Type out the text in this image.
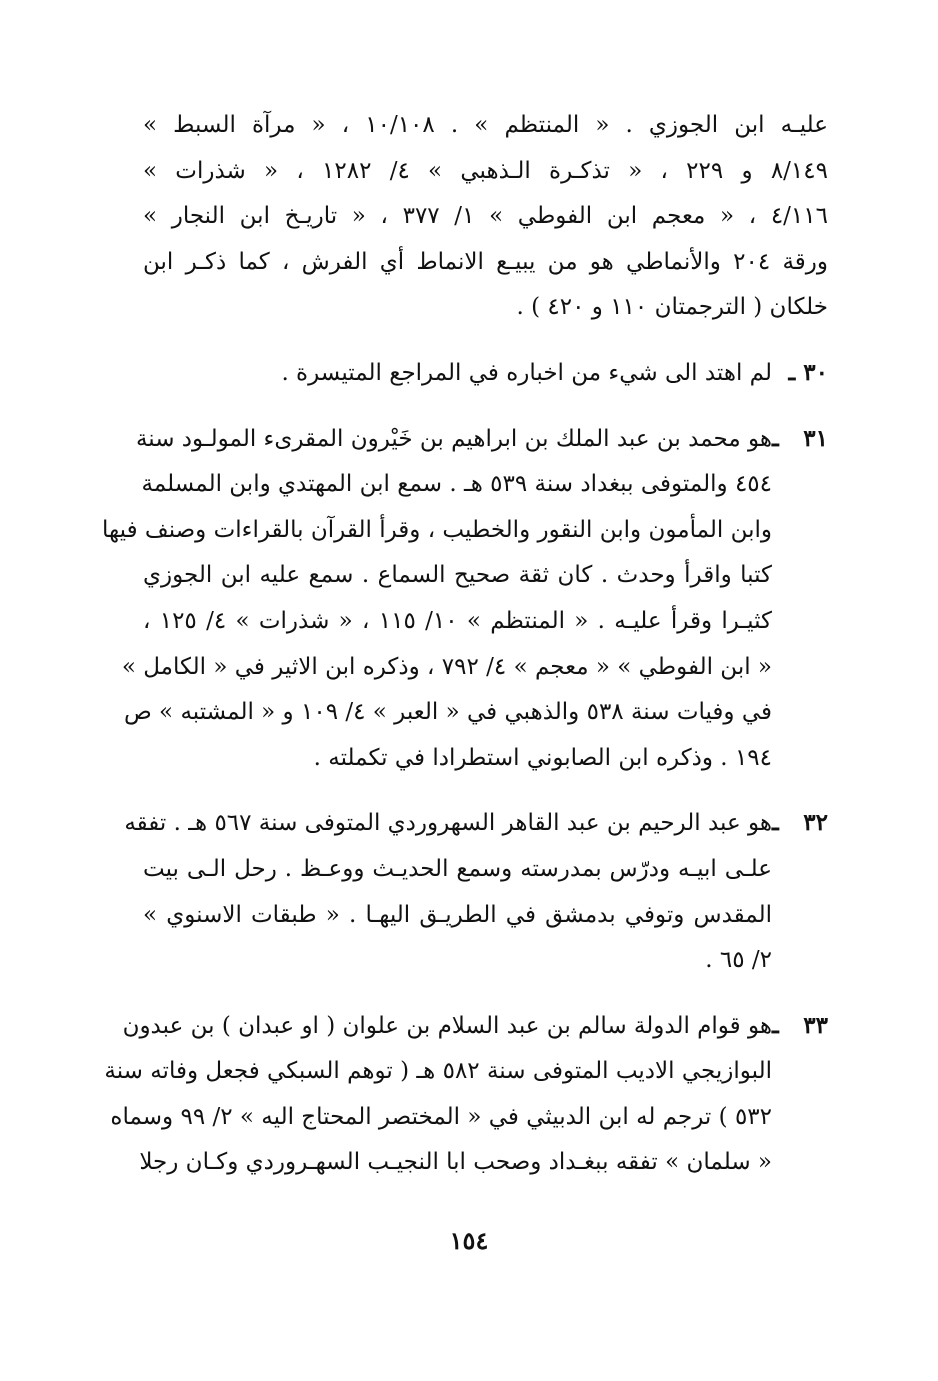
عليـه ابن الجوزي . « المنتظم » . ١٠/١٠٨ ، « مرآة السبط »
٨/١٤٩ و ٢٢٩ ، « تذكـرة الـذهبي » ٤/ ١٢٨٢ ، « شذرات »
٤/١١٦ ، « معجم ابن الفوطي » ١/ ٣٧٧ ، « تاريـخ ابن النجار »
ورقة ٢٠٤ والأنماطي هو من يبيـع الانماط أي الفرش ، كما ذكـر ابن
خلكان ( الترجمتان ١١٠ و ٤٢٠ ) .
٣٠ ـلم اهتد الى شيء من اخباره في المراجع المتيسرة .
٣١ ـهو محمد بن عبد الملك بن ابراهيم بن خَيْرون المقرىء المولـود سنة
٤٥٤ والمتوفى ببغداد سنة ٥٣٩ هـ . سمع ابن المهتدي وابن المسلمة
وابن المأمون وابن النقور والخطيب ، وقرأ القرآن بالقراءات وصنف فيها
كتبا واقرأ وحدث . كان ثقة صحيح السماع . سمع عليه ابن الجوزي
كثيـرا وقرأ عليـه . « المنتظم » ١٠/ ١١٥ ، « شذرات » ٤/ ١٢٥ ،
« ابن الفوطي » « معجم » ٤/ ٧٩٢ ، وذكره ابن الاثير في « الكامل »
في وفيات سنة ٥٣٨ والذهبي في « العبر » ٤/ ١٠٩ و « المشتبه » ص
١٩٤ . وذكره ابن الصابوني استطرادا في تكملته .
٣٢ ـهو عبد الرحيم بن عبد القاهر السهروردي المتوفى سنة ٥٦٧ هـ . تفقه
علـى ابيـه ودرّس بمدرسته وسمع الحديـث ووعـظ . رحل الـى بيت
المقدس وتوفي بدمشق في الطريـق اليهـا . « طبقات الاسنوي »
٢/ ٦٥ .
٣٣ ـهو قوام الدولة سالم بن عبد السلام بن علوان ( او عبدان ) بن عبدون
البوازيجي الاديب المتوفى سنة ٥٨٢ هـ ( توهم السبكي فجعل وفاته سنة
٥٣٢ ) ترجم له ابن الدبيثي في « المختصر المحتاج اليه » ٢/ ٩٩ وسماه
« سلمان » تفقه ببغـداد وصحب ابا النجيـب السهـروردي وكـان رجلا
١٥٤
